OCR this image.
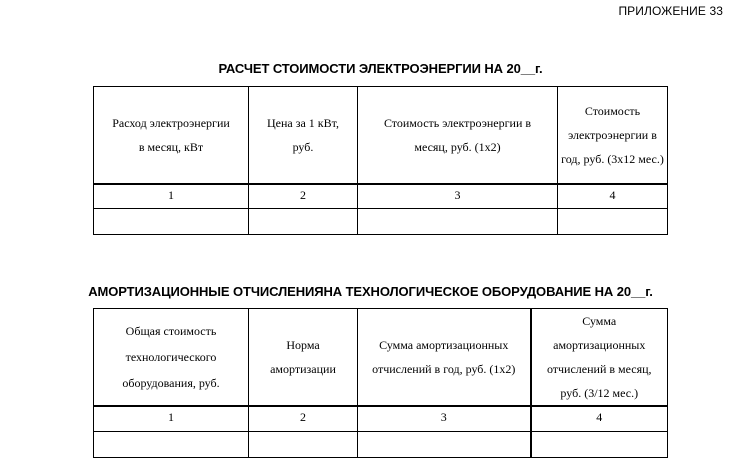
ПРИЛОЖЕНИЕ 33
РАСЧЕТ СТОИМОСТИ ЭЛЕКТРОЭНЕРГИИ НА 20__г.
Расход электроэнергии в месяц, кВт	Цена за 1 кВт, руб.	Стоимость электроэнергии в месяц, руб. (1х2)	Стоимость электроэнергии в год, руб. (3х12 мес.)
1	2	3	4

АМОРТИЗАЦИОННЫЕ ОТЧИСЛЕНИЯНА ТЕХНОЛОГИЧЕСКОЕ ОБОРУДОВАНИЕ НА 20__г.
Общая стоимость технологического оборудования, руб.	Норма амортизации	Сумма амортизационных отчислений в год, руб. (1х2)	Сумма амортизационных отчислений в месяц, руб. (3/12 мес.)
1	2	3	4
